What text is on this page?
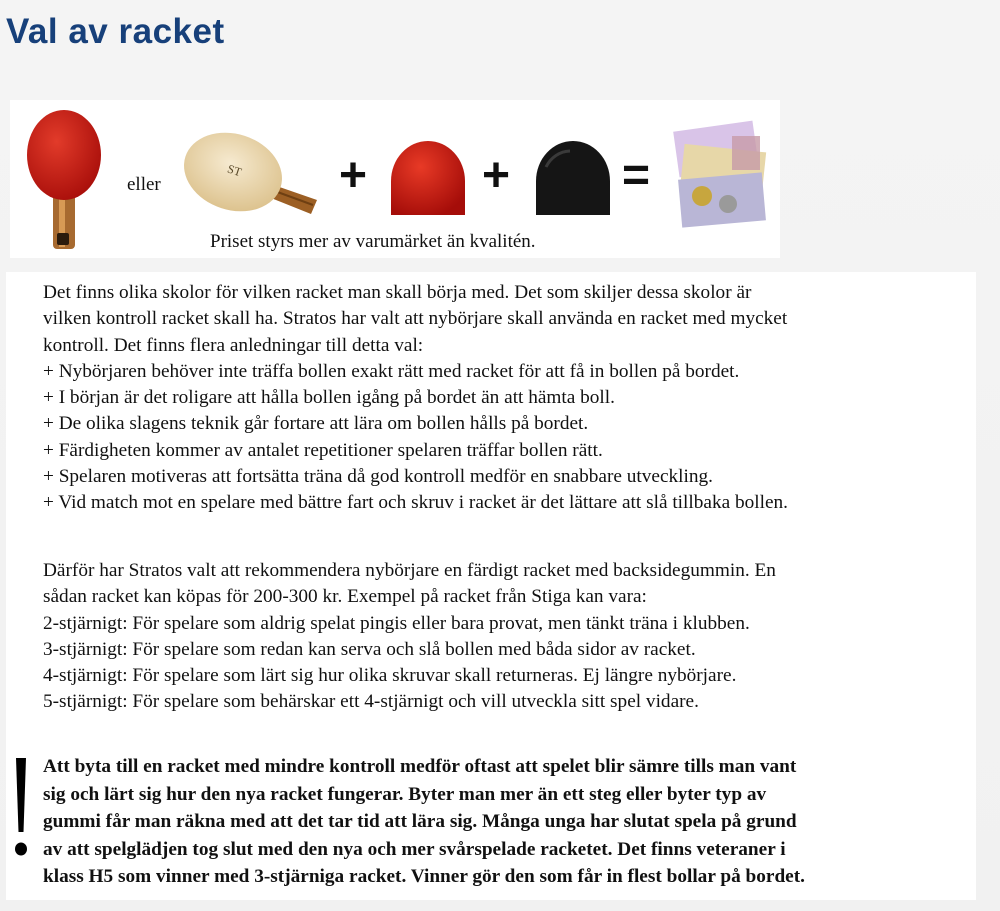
Val av racket
eller
ST + + =
Priset styrs mer av varumärket än kvalitén.
Det finns olika skolor för vilken racket man skall börja med. Det som skiljer dessa skolor är
vilken kontroll racket skall ha. Stratos har valt att nybörjare skall använda en racket med mycket
kontroll. Det finns flera anledningar till detta val:
+ Nybörjaren behöver inte träffa bollen exakt rätt med racket för att få in bollen på bordet.
+ I början är det roligare att hålla bollen igång på bordet än att hämta boll.
+ De olika slagens teknik går fortare att lära om bollen hålls på bordet.
+ Färdigheten kommer av antalet repetitioner spelaren träffar bollen rätt.
+ Spelaren motiveras att fortsätta träna då god kontroll medför en snabbare utveckling.
+ Vid match mot en spelare med bättre fart och skruv i racket är det lättare att slå tillbaka bollen.
Därför har Stratos valt att rekommendera nybörjare en färdigt racket med backsidegummin. En
sådan racket kan köpas för 200-300 kr. Exempel på racket från Stiga kan vara:
2-stjärnigt: För spelare som aldrig spelat pingis eller bara provat, men tänkt träna i klubben.
3-stjärnigt: För spelare som redan kan serva och slå bollen med båda sidor av racket.
4-stjärnigt: För spelare som lärt sig hur olika skruvar skall returneras. Ej längre nybörjare.
5-stjärnigt: För spelare som behärskar ett 4-stjärnigt och vill utveckla sitt spel vidare.
Att byta till en racket med mindre kontroll medför oftast att spelet blir sämre tills man vant
sig och lärt sig hur den nya racket fungerar. Byter man mer än ett steg eller byter typ av
gummi får man räkna med att det tar tid att lära sig. Många unga har slutat spela på grund
av att spelglädjen tog slut med den nya och mer svårspelade racketet. Det finns veteraner i
klass H5 som vinner med 3-stjärniga racket. Vinner gör den som får in flest bollar på bordet.
